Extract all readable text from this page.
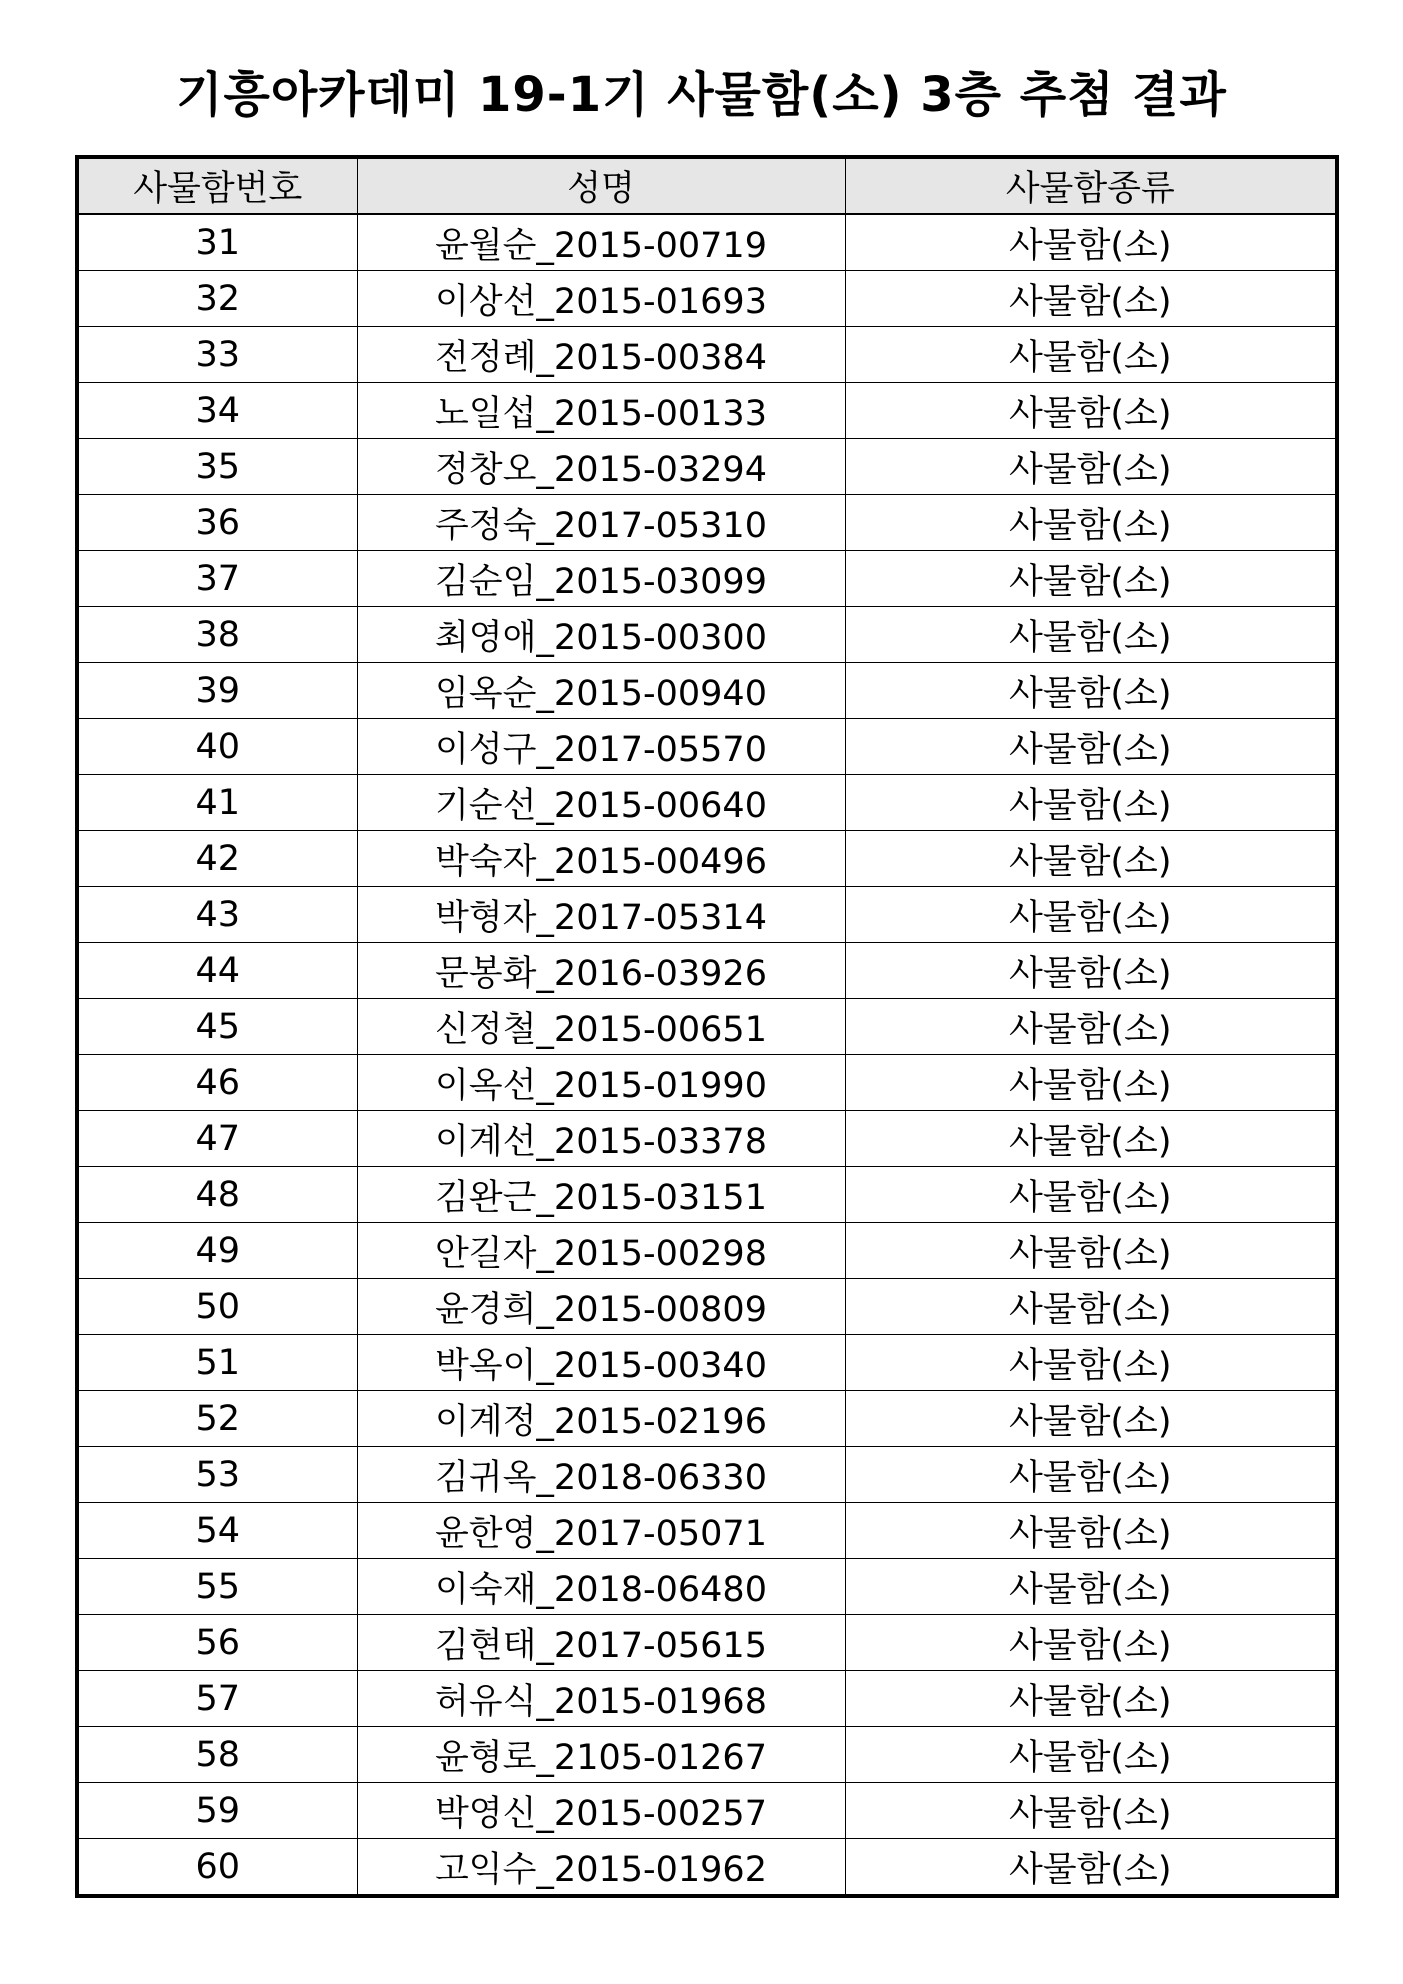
기흥아카데미 19-1기 사물함(소) 3층 추첨 결과
사물함번호	성명	사물함종류
31	윤월순_2015-00719	사물함(소)
32	이상선_2015-01693	사물함(소)
33	전정례_2015-00384	사물함(소)
34	노일섭_2015-00133	사물함(소)
35	정창오_2015-03294	사물함(소)
36	주정숙_2017-05310	사물함(소)
37	김순임_2015-03099	사물함(소)
38	최영애_2015-00300	사물함(소)
39	임옥순_2015-00940	사물함(소)
40	이성구_2017-05570	사물함(소)
41	기순선_2015-00640	사물함(소)
42	박숙자_2015-00496	사물함(소)
43	박형자_2017-05314	사물함(소)
44	문봉화_2016-03926	사물함(소)
45	신정철_2015-00651	사물함(소)
46	이옥선_2015-01990	사물함(소)
47	이계선_2015-03378	사물함(소)
48	김완근_2015-03151	사물함(소)
49	안길자_2015-00298	사물함(소)
50	윤경희_2015-00809	사물함(소)
51	박옥이_2015-00340	사물함(소)
52	이계정_2015-02196	사물함(소)
53	김귀옥_2018-06330	사물함(소)
54	윤한영_2017-05071	사물함(소)
55	이숙재_2018-06480	사물함(소)
56	김현태_2017-05615	사물함(소)
57	허유식_2015-01968	사물함(소)
58	윤형로_2105-01267	사물함(소)
59	박영신_2015-00257	사물함(소)
60	고익수_2015-01962	사물함(소)
